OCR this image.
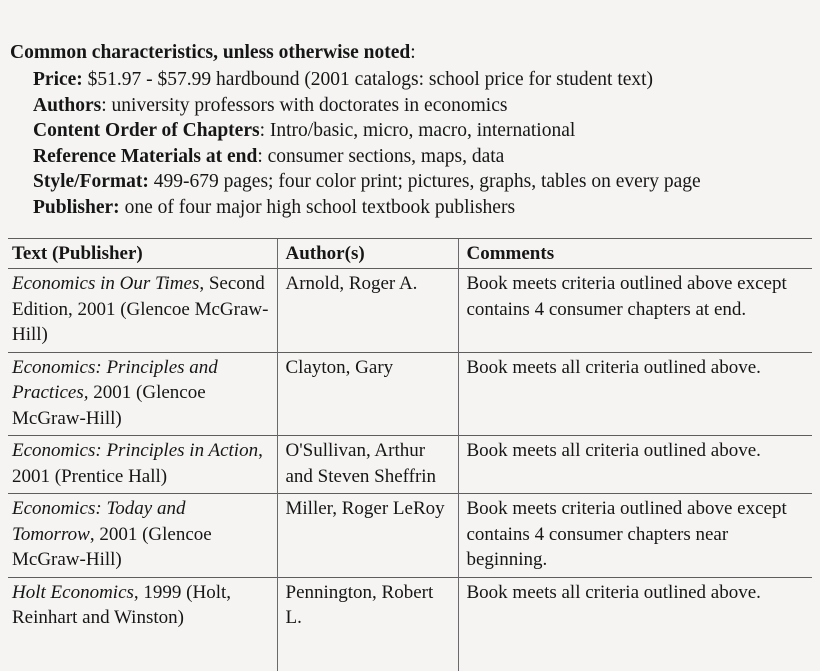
Common characteristics, unless otherwise noted:

Price: $51.97 - $57.99 hardbound (2001 catalogs: school price for student text)
Authors: university professors with doctorates in economics
Content Order of Chapters: Intro/basic, micro, macro, international
Reference Materials at end: consumer sections, maps, data
Style/Format: 499-679 pages; four color print; pictures, graphs, tables on every page
Publisher: one of four major high school textbook publishers
Text (Publisher)	Author(s)	Comments
Economics in Our Times, Second Edition, 2001 (Glencoe McGraw-Hill)	Arnold, Roger A.	Book meets criteria outlined above except contains 4 consumer chapters at end.
Economics: Principles and Practices, 2001 (Glencoe McGraw-Hill)	Clayton, Gary	Book meets all criteria outlined above.
Economics: Principles in Action, 2001 (Prentice Hall)	O'Sullivan, Arthur and Steven Sheffrin	Book meets all criteria outlined above.
Economics: Today and Tomorrow, 2001 (Glencoe McGraw-Hill)	Miller, Roger LeRoy	Book meets criteria outlined above except contains 4 consumer chapters near beginning.
Holt Economics, 1999 (Holt, Reinhart and Winston)	Pennington, Robert L.	Book meets all criteria outlined above.
